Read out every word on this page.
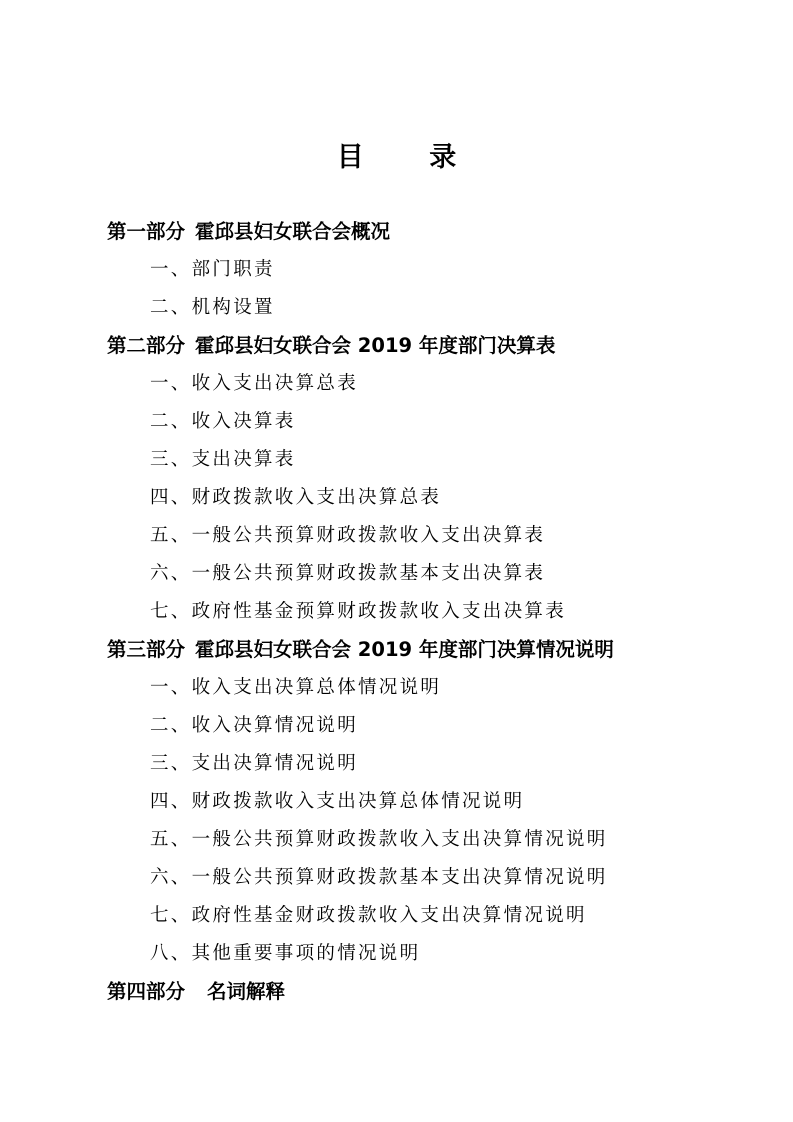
目 录
第一部分 霍邱县妇女联合会概况
一、部门职责
二、机构设置
第二部分 霍邱县妇女联合会 2019 年度部门决算表
一、收入支出决算总表
二、收入决算表
三、支出决算表
四、财政拨款收入支出决算总表
五、一般公共预算财政拨款收入支出决算表
六、一般公共预算财政拨款基本支出决算表
七、政府性基金预算财政拨款收入支出决算表
第三部分 霍邱县妇女联合会 2019 年度部门决算情况说明
一、收入支出决算总体情况说明
二、收入决算情况说明
三、支出决算情况说明
四、财政拨款收入支出决算总体情况说明
五、一般公共预算财政拨款收入支出决算情况说明
六、一般公共预算财政拨款基本支出决算情况说明
七、政府性基金财政拨款收入支出决算情况说明
八、其他重要事项的情况说明
第四部分 名词解释
